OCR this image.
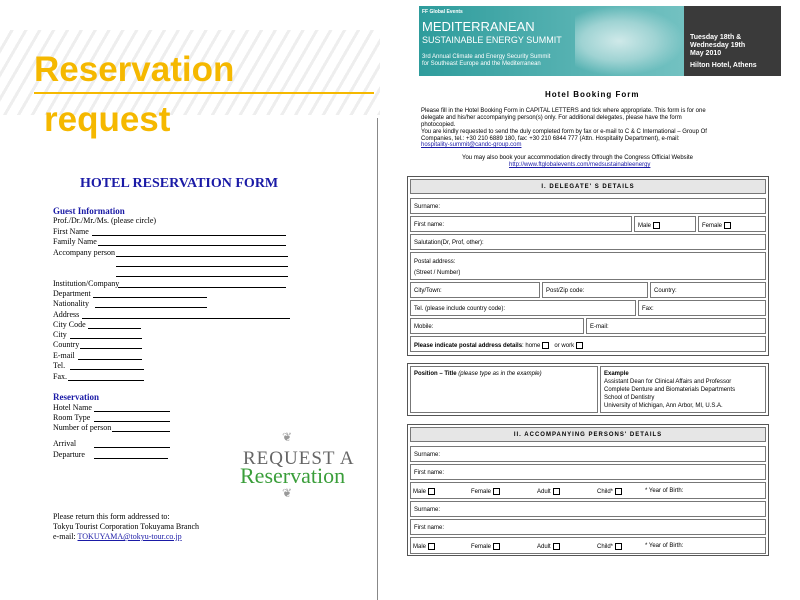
Reservation
request
HOTEL RESERVATION FORM
Guest Information
Prof./Dr./Mr./Ms. (please circle)
First Name
Family Name
Accompany person
Institution/Company
Department
Nationality
Address
City Code
City
Country
E-mail
Tel.
Fax.
Reservation
Hotel Name
Room Type
Number of person
Arrival
Departure
❦
REQUEST A
Reservation
❦
Please return this form addressed to:
Tokyu Tourist Corporation Tokuyama Branch
e-mail: TOKUYAMA@tokyu-tour.co.jp
FF Global Events
MEDITERRANEAN
SUSTAINABLE ENERGY SUMMIT
3rd Annual Climate and Energy Security Summit
for Southeast Europe and the Mediterranean
Tuesday 18th &
Wednesday 19th
May 2010
Hilton Hotel, Athens
Hotel Booking Form
Please fill in the Hotel Booking Form in CAPITAL LETTERS and tick where appropriate. This form is for one
delegate and his/her accompanying person(s) only. For additional delegates, please have the form
photocopied.
You are kindly requested to send the duly completed form by fax or e-mail to C & C International – Group Of
Companies, tel.: +30 210 6889 180, fax: +30 210 6844 777 (Attn. Hospitality Department), e-mail:
hospitality-summit@candc-group.com
You may also book your accommodation directly through the Congress Official Website
http://www.ftglobalevents.com/medsustainableenergy
I. DELEGATE' S DETAILS
Surname:
First name:	Male	Female
Salutation(Dr, Prof, other):
Postal address:
(Street / Number)
City/Town:	Post/Zip code:	Country:
Tel. (please include country code):	Fax:
Mobile:	E-mail:
Please indicate postal address details: home or work
Position – Title (please type as in the example)	Example
Assistant Dean for Clinical Affairs and Professor
Complete Denture and Biomaterials Departments
School of Dentistry
University of Michigan, Ann Arbor, MI, U.S.A.
II. ACCOMPANYING PERSONS' DETAILS
Surname:
First name:
Male	Female	Adult	Child*	* Year of Birth:
Surname:
First name:
Male	Female	Adult	Child*	* Year of Birth:
